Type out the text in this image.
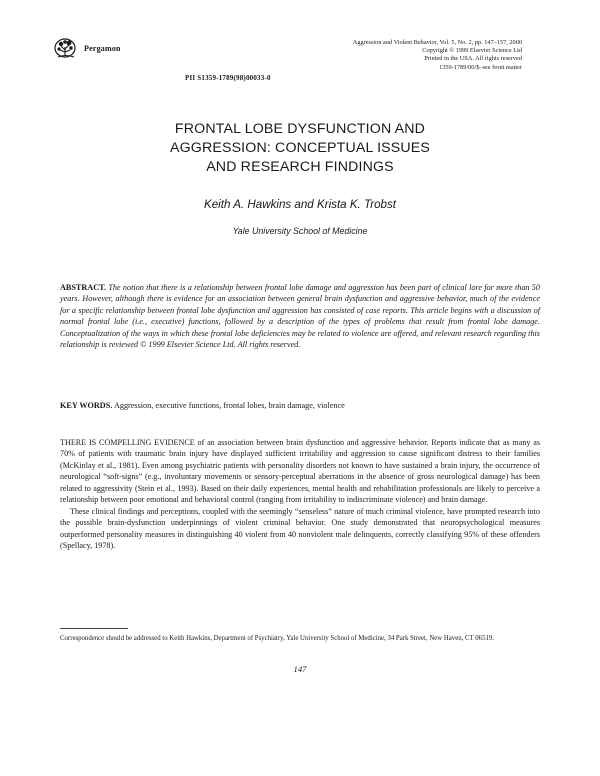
Pergamon
Aggression and Violent Behavior, Vol. 5, No. 2, pp. 147–157, 2000
Copyright © 1999 Elsevier Science Ltd
Printed in the USA. All rights reserved
1359-1789/00/$–see front matter
PII S1359-1789(98)00033-0
FRONTAL LOBE DYSFUNCTION AND
AGGRESSION: CONCEPTUAL ISSUES
AND RESEARCH FINDINGS
Keith A. Hawkins and Krista K. Trobst
Yale University School of Medicine
ABSTRACT. The notion that there is a relationship between frontal lobe damage and aggression has been part of clinical lore for more than 50 years. However, although there is evidence for an association between general brain dysfunction and aggressive behavior, much of the evidence for a specific relationship between frontal lobe dysfunction and aggression has consisted of case reports. This article begins with a discussion of normal frontal lobe (i.e., executive) functions, followed by a description of the types of problems that result from frontal lobe damage. Conceptualization of the ways in which these frontal lobe deficiencies may be related to violence are offered, and relevant research regarding this relationship is reviewed © 1999 Elsevier Science Ltd. All rights reserved.
KEY WORDS. Aggression, executive functions, frontal lobes, brain damage, violence

THERE IS COMPELLING EVIDENCE of an association between brain dysfunction and aggressive behavior. Reports indicate that as many as 70% of patients with traumatic brain injury have displayed sufficient irritability and aggression to cause significant distress to their families (McKinlay et al., 1981). Even among psychiatric patients with personality disorders not known to have sustained a brain injury, the occurrence of neurological “soft-signs” (e.g., involuntary movements or sensory-perceptual aberrations in the absence of gross neurological damage) has been related to aggressivity (Stein et al., 1993). Based on their daily experiences, mental health and rehabilitation professionals are likely to perceive a relationship between poor emotional and behavioral control (ranging from irritability to indiscriminate violence) and brain damage.

These clinical findings and perceptions, coupled with the seemingly “senseless” nature of much criminal violence, have prompted research into the possible brain-dysfunction underpinnings of violent criminal behavior. One study demonstrated that neuropsychological measures outperformed personality measures in distinguishing 40 violent from 40 nonviolent male delinquents, correctly classifying 95% of these offenders (Spellacy, 1978).

Correspondence should be addressed to Keith Hawkins, Department of Psychiatry, Yale University School of Medicine, 34 Park Street, New Haven, CT 06519.
147
